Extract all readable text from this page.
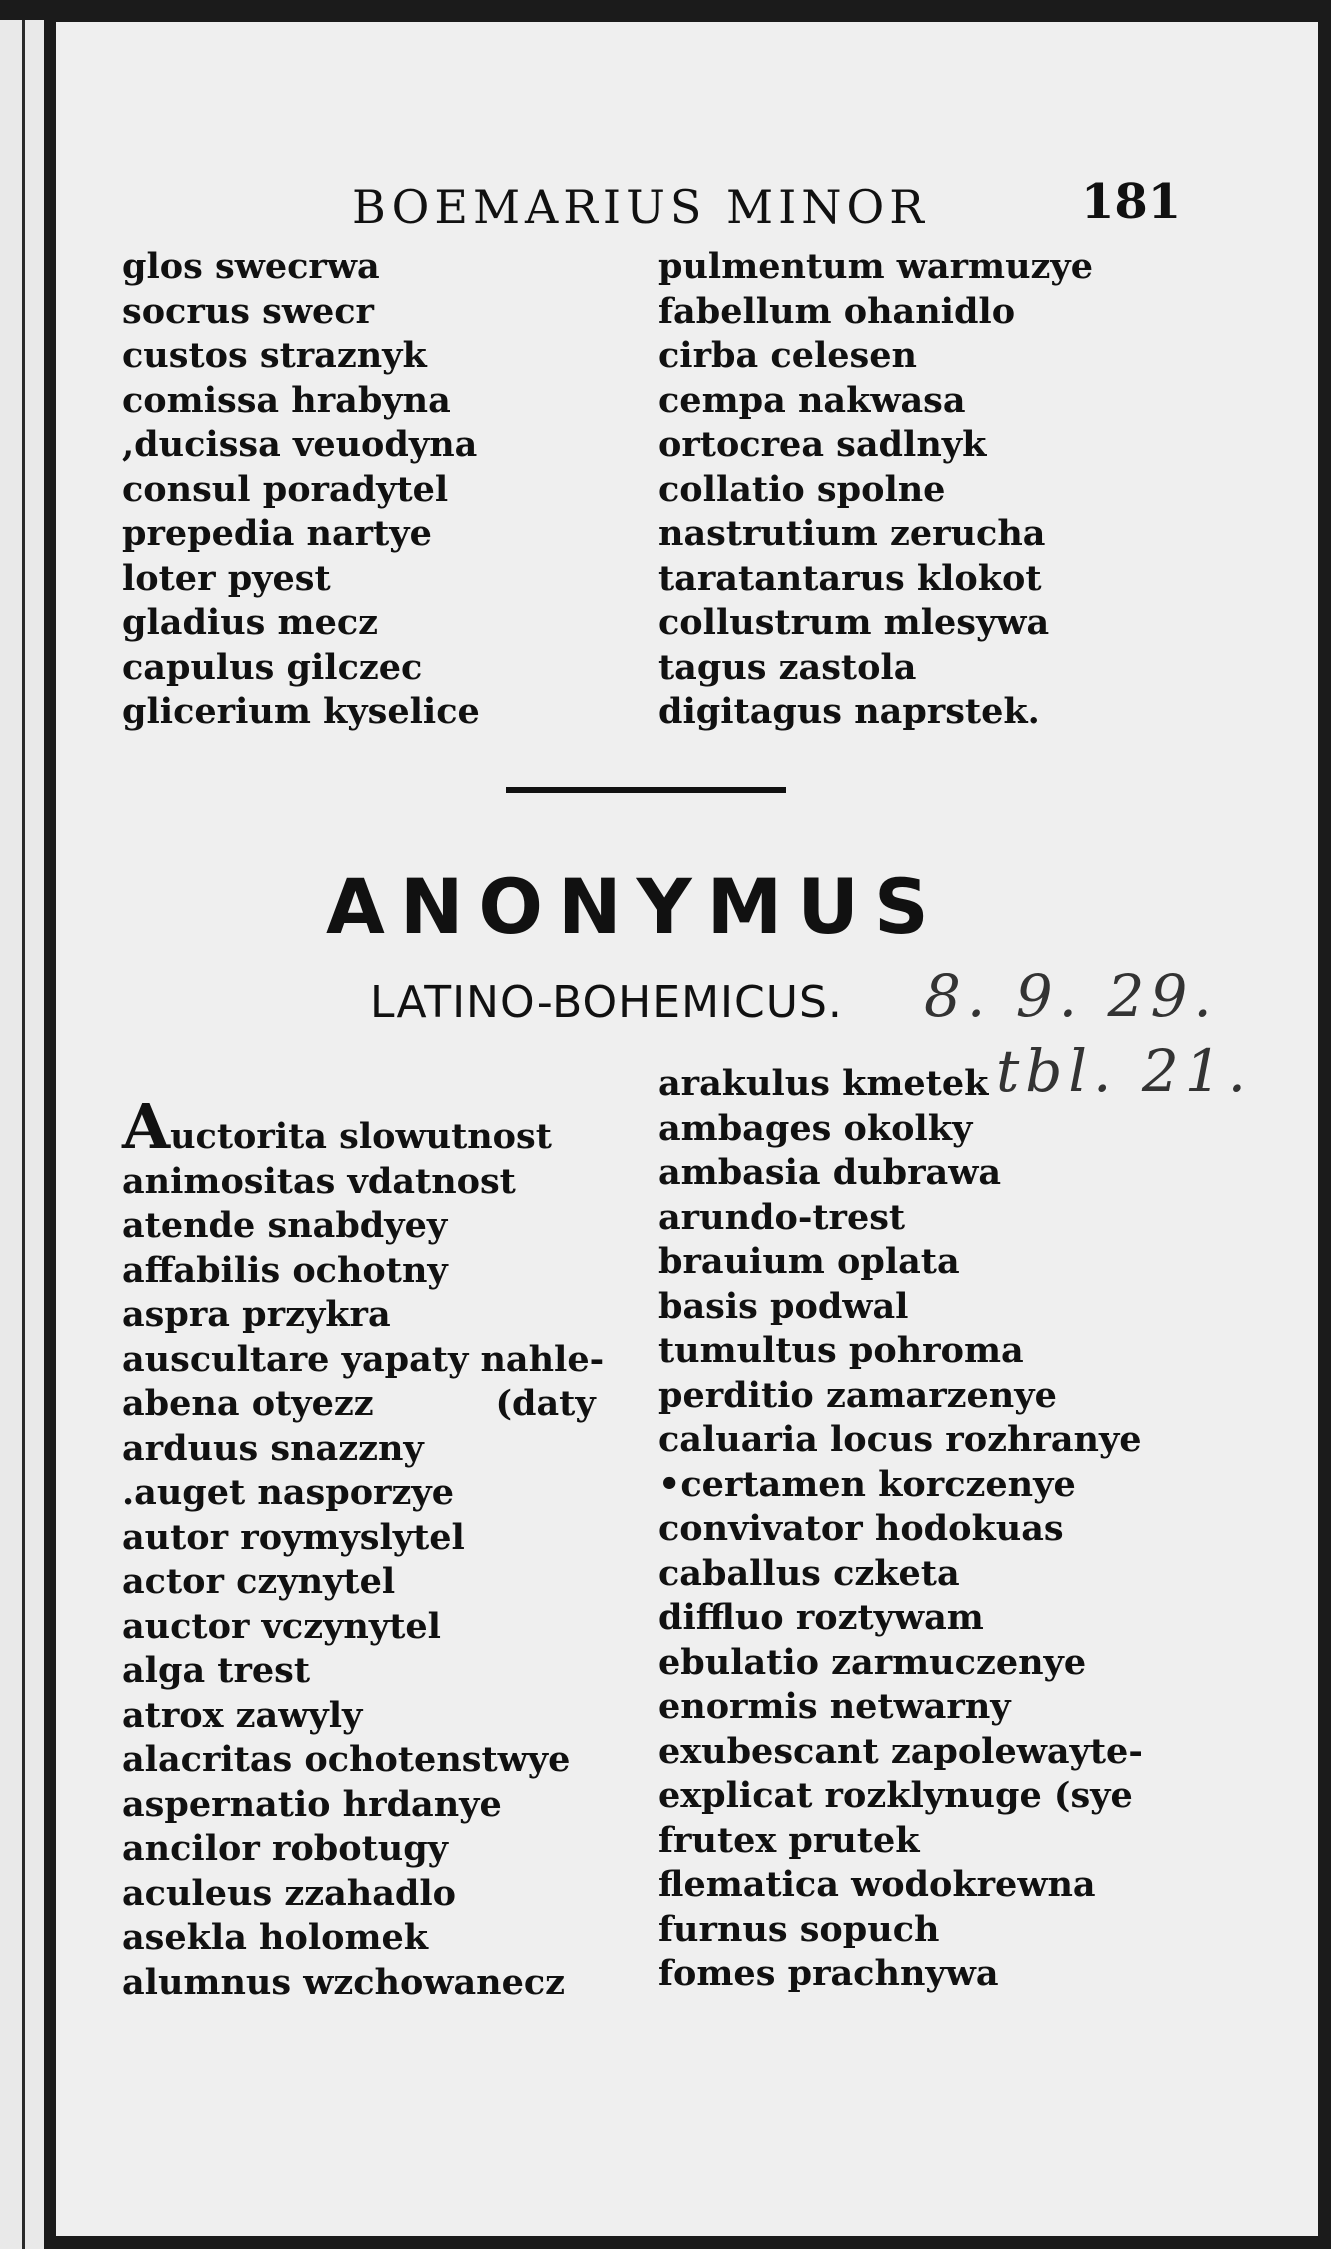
BOEMARIUS MINOR	181
glos swecrwa
socrus swecr
custos straznyk
comissa hrabyna
,ducissa veuodyna
consul poradytel
prepedia nartye
loter pyest
gladius mecz
capulus gilczec
glicerium kyselice
pulmentum warmuzye
fabellum ohanidlo
cirba celesen
cempa nakwasa
ortocrea sadlnyk
collatio spolne
nastrutium zerucha
taratantarus klokot
collustrum mlesywa
tagus zastola
digitagus naprstek.
ANONYMUS
LATINO-BOHEMICUS. 8. 9. 29.
tbl. 21.
Auctorita slowutnost
animositas vdatnost
atende snabdyey
affabilis ochotny
aspra przykra
auscultare yapaty nahle-
abena otyezz          (daty
arduus snazzny
.auget nasporzye
autor roymyslytel
actor czynytel
auctor vczynytel
alga trest
atrox zawyly
alacritas ochotenstwye
aspernatio hrdanye
ancilor robotugy
aculeus zzahadlo
asekla holomek
alumnus wzchowanecz
arakulus kmetek
ambages okolky
ambasia dubrawa
arundo-trest
brauium oplata
basis podwal
tumultus pohroma
perditio zamarzenye
caluaria locus rozhranye
•certamen korczenye
convivator hodokuas
caballus czketa
diffluo roztywam
ebulatio zarmuczenye
enormis netwarny
exubescant zapolewayte-
explicat rozklynuge (sye
frutex prutek
flematica wodokrewna
furnus sopuch
fomes prachnywa
